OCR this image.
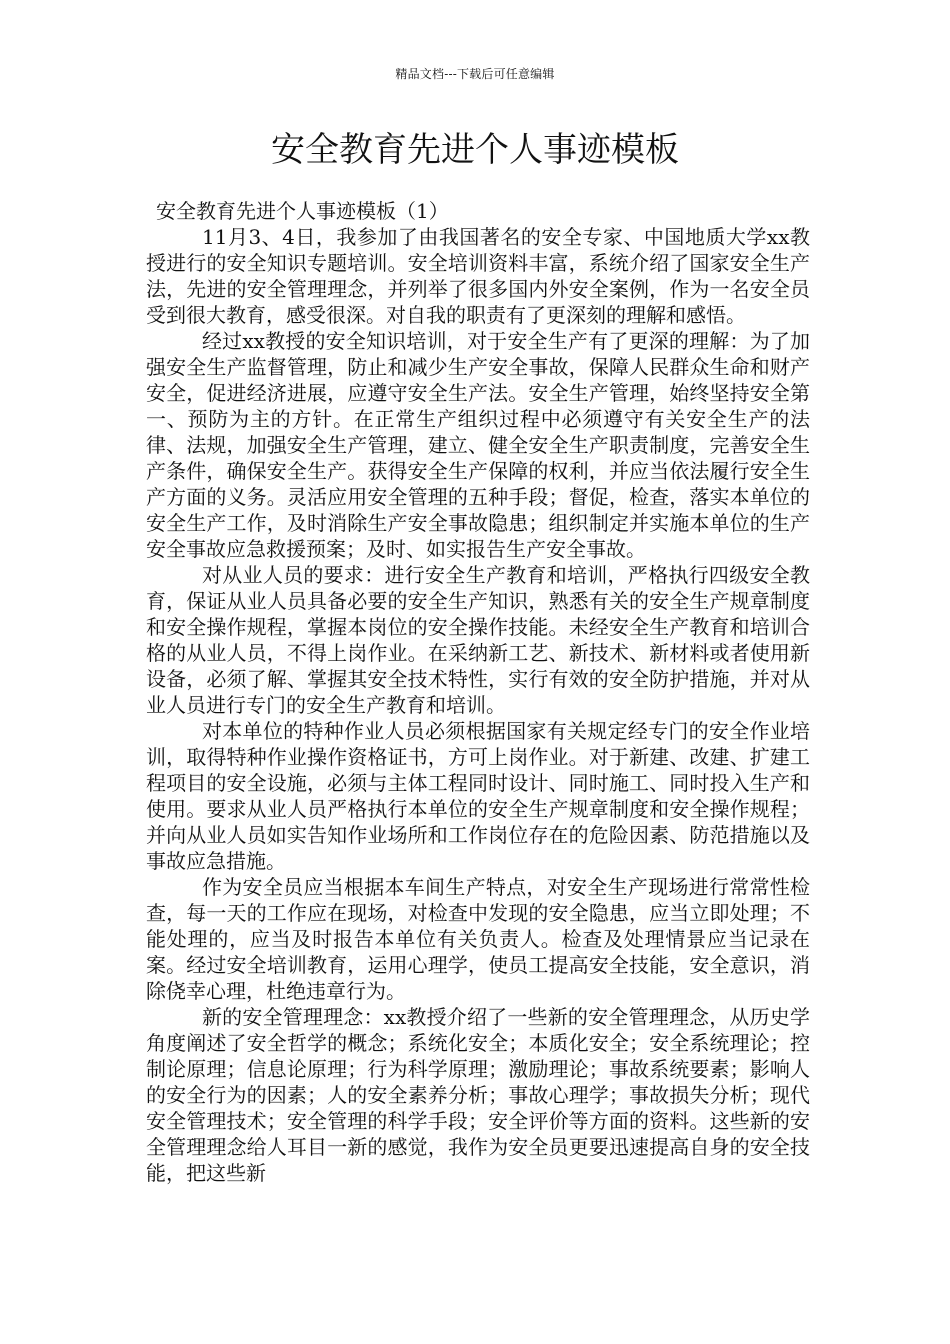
精品文档---下载后可任意编辑
安全教育先进个人事迹模板
安全教育先进个人事迹模板（1）

11月3、4日，我参加了由我国著名的安全专家、中国地质大学xx教授进行的安全知识专题培训。安全培训资料丰富，系统介绍了国家安全生产法，先进的安全管理理念，并列举了很多国内外安全案例，作为一名安全员受到很大教育，感受很深。对自我的职责有了更深刻的理解和感悟。

经过xx教授的安全知识培训，对于安全生产有了更深的理解：为了加强安全生产监督管理，防止和减少生产安全事故，保障人民群众生命和财产安全，促进经济进展，应遵守安全生产法。安全生产管理，始终坚持安全第一、预防为主的方针。在正常生产组织过程中必须遵守有关安全生产的法律、法规，加强安全生产管理，建立、健全安全生产职责制度，完善安全生产条件，确保安全生产。获得安全生产保障的权利，并应当依法履行安全生产方面的义务。灵活应用安全管理的五种手段；督促，检查，落实本单位的安全生产工作，及时消除生产安全事故隐患；组织制定并实施本单位的生产安全事故应急救援预案；及时、如实报告生产安全事故。

对从业人员的要求：进行安全生产教育和培训，严格执行四级安全教育，保证从业人员具备必要的安全生产知识，熟悉有关的安全生产规章制度和安全操作规程，掌握本岗位的安全操作技能。未经安全生产教育和培训合格的从业人员，不得上岗作业。在采纳新工艺、新技术、新材料或者使用新设备，必须了解、掌握其安全技术特性，实行有效的安全防护措施，并对从业人员进行专门的安全生产教育和培训。

对本单位的特种作业人员必须根据国家有关规定经专门的安全作业培训，取得特种作业操作资格证书，方可上岗作业。对于新建、改建、扩建工程项目的安全设施，必须与主体工程同时设计、同时施工、同时投入生产和使用。要求从业人员严格执行本单位的安全生产规章制度和安全操作规程；并向从业人员如实告知作业场所和工作岗位存在的危险因素、防范措施以及事故应急措施。

作为安全员应当根据本车间生产特点，对安全生产现场进行常常性检查，每一天的工作应在现场，对检查中发现的安全隐患，应当立即处理；不能处理的，应当及时报告本单位有关负责人。检查及处理情景应当记录在案。经过安全培训教育，运用心理学，使员工提高安全技能，安全意识，消除侥幸心理，杜绝违章行为。

新的安全管理理念：xx教授介绍了一些新的安全管理理念，从历史学角度阐述了安全哲学的概念；系统化安全；本质化安全；安全系统理论；控制论原理；信息论原理；行为科学原理；激励理论；事故系统要素；影响人的安全行为的因素；人的安全素养分析；事故心理学；事故损失分析；现代安全管理技术；安全管理的科学手段；安全评价等方面的资料。这些新的安全管理理念给人耳目一新的感觉，我作为安全员更要迅速提高自身的安全技能，把这些新
